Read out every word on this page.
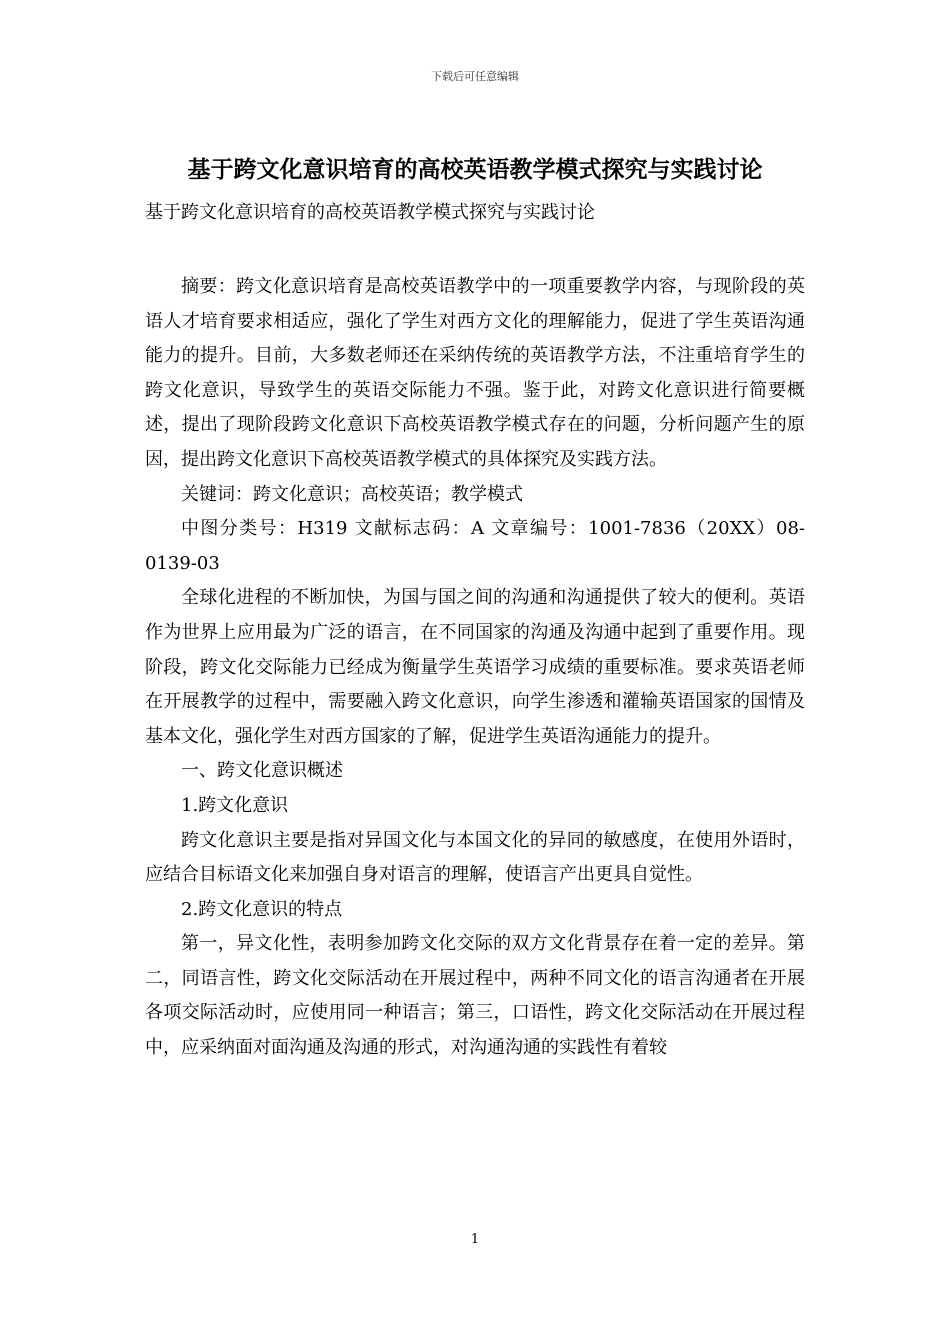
下载后可任意编辑
基于跨文化意识培育的高校英语教学模式探究与实践讨论
基于跨文化意识培育的高校英语教学模式探究与实践讨论

摘要：跨文化意识培育是高校英语教学中的一项重要教学内容，与现阶段的英语人才培育要求相适应，强化了学生对西方文化的理解能力，促进了学生英语沟通能力的提升。目前，大多数老师还在采纳传统的英语教学方法，不注重培育学生的跨文化意识，导致学生的英语交际能力不强。鉴于此，对跨文化意识进行简要概述，提出了现阶段跨文化意识下高校英语教学模式存在的问题，分析问题产生的原因，提出跨文化意识下高校英语教学模式的具体探究及实践方法。

关键词：跨文化意识；高校英语；教学模式

中图分类号：H319 文献标志码：A 文章编号：1001-7836（20XX）08-0139-03

全球化进程的不断加快，为国与国之间的沟通和沟通提供了较大的便利。英语作为世界上应用最为广泛的语言，在不同国家的沟通及沟通中起到了重要作用。现阶段，跨文化交际能力已经成为衡量学生英语学习成绩的重要标准。要求英语老师在开展教学的过程中，需要融入跨文化意识，向学生渗透和灌输英语国家的国情及基本文化，强化学生对西方国家的了解，促进学生英语沟通能力的提升。

一、跨文化意识概述

1.跨文化意识

跨文化意识主要是指对异国文化与本国文化的异同的敏感度，在使用外语时，应结合目标语文化来加强自身对语言的理解，使语言产出更具自觉性。

2.跨文化意识的特点

第一，异文化性，表明参加跨文化交际的双方文化背景存在着一定的差异。第二，同语言性，跨文化交际活动在开展过程中，两种不同文化的语言沟通者在开展各项交际活动时，应使用同一种语言；第三，口语性，跨文化交际活动在开展过程中，应采纳面对面沟通及沟通的形式，对沟通沟通的实践性有着较

1
